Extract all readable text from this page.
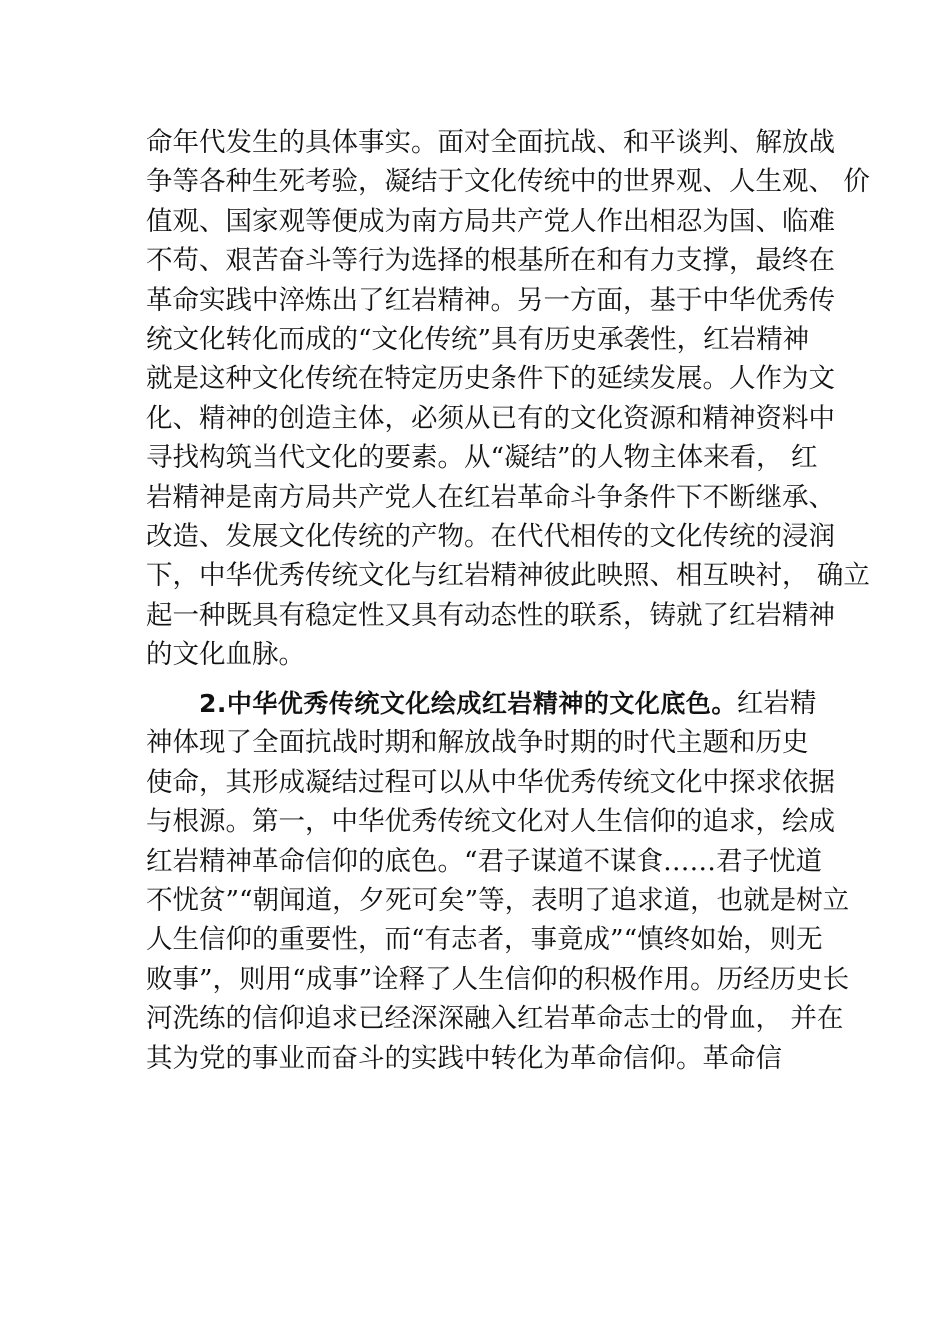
命年代发生的具体事实。面对全面抗战、和平谈判、解放战
争等各种生死考验，凝结于文化传统中的世界观、人生观、 价
值观、国家观等便成为南方局共产党人作出相忍为国、临难
不苟、艰苦奋斗等行为选择的根基所在和有力支撑，最终在
革命实践中淬炼出了红岩精神。另一方面，基于中华优秀传
统文化转化而成的“文化传统”具有历史承袭性，红岩精神
就是这种文化传统在特定历史条件下的延续发展。人作为文
化、精神的创造主体，必须从已有的文化资源和精神资料中
寻找构筑当代文化的要素。从“凝结”的人物主体来看， 红
岩精神是南方局共产党人在红岩革命斗争条件下不断继承、
改造、发展文化传统的产物。在代代相传的文化传统的浸润
下，中华优秀传统文化与红岩精神彼此映照、相互映衬， 确立
起一种既具有稳定性又具有动态性的联系，铸就了红岩精神
的文化血脉。
2.中华优秀传统文化绘成红岩精神的文化底色。红岩精
神体现了全面抗战时期和解放战争时期的时代主题和历史
使命，其形成凝结过程可以从中华优秀传统文化中探求依据
与根源。第一，中华优秀传统文化对人生信仰的追求，绘成
红岩精神革命信仰的底色。“君子谋道不谋食……君子忧道
不忧贫”“朝闻道，夕死可矣”等，表明了追求道，也就是树立
人生信仰的重要性，而“有志者，事竟成”“慎终如始，则无
败事”，则用“成事”诠释了人生信仰的积极作用。历经历史长
河洗练的信仰追求已经深深融入红岩革命志士的骨血， 并在
其为党的事业而奋斗的实践中转化为革命信仰。革命信
